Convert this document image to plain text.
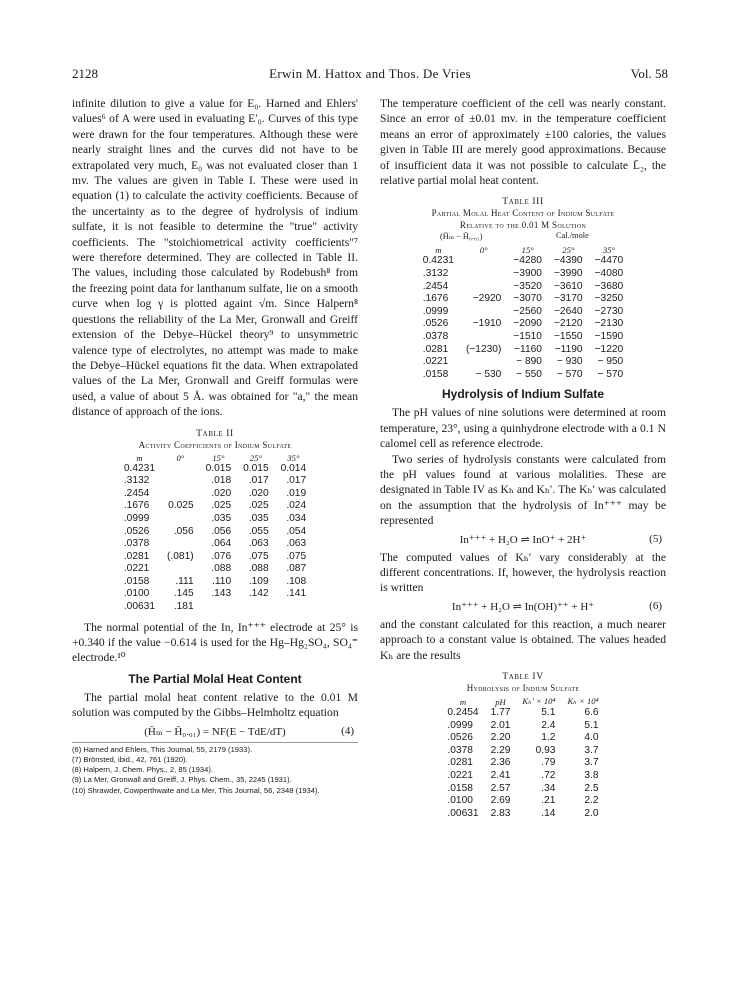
2128	Erwin M. Hattox and Thos. De Vries	Vol. 58

infinite dilution to give a value for E₀. Harned and Ehlers' values⁶ of A were used in evaluating E′₀. Curves of this type were drawn for the four temperatures. Although these were nearly straight lines and the curves did not have to be extrapolated very much, E₀ was not evaluated closer than 1 mv. The values are given in Table I. These were used in equation (1) to calculate the activity coefficients. Because of the uncertainty as to the degree of hydrolysis of indium sulfate, it is not feasible to determine the "true" activity coefficients. The "stoichiometrical activity coefficients"⁷ were therefore determined. They are collected in Table II. The values, including those calculated by Rodebush⁸ from the freezing point data for lanthanum sulfate, lie on a smooth curve when log γ is plotted againt √m. Since Halpern⁸ questions the reliability of the La Mer, Gronwall and Greiff extension of the Debye–Hückel theory⁹ to unsymmetric valence type of electrolytes, no attempt was made to make the Debye–Hückel equations fit the data. When extrapolated values of the La Mer, Gronwall and Greiff formulas were used, a value of about 5 Å. was obtained for "a," the mean distance of approach of the ions.

Table II
Activity Coefficients of Indium Sulfate
m	0°	15°	25°	35°
0.4231		0.015	0.015	0.014
.3132		.018	.017	.017
.2454		.020	.020	.019
.1676	0.025	.025	.025	.024
.0999		.035	.035	.034
.0526	.056	.056	.055	.054
.0378		.064	.063	.063
.0281	(.081)	.076	.075	.075
.0221		.088	.088	.087
.0158	.111	.110	.109	.108
.0100	.145	.143	.142	.141
.00631	.181			

The normal potential of the In, In⁺⁺⁺ electrode at 25° is +0.340 if the value −0.614 is used for the Hg–Hg₂SO₄, SO₄⁼ electrode.¹⁰

The Partial Molal Heat Content

The partial molal heat content relative to the 0.01 M solution was computed by the Gibbs–Helmholtz equation

(H̄ₘ − H̄₀.₀₁) = NF(E − TdE/dT)	(4)
(6) Harned and Ehlers, This Journal, 55, 2179 (1933).
(7) Brönsted, ibid., 42, 761 (1920).
(8) Halpern, J. Chem. Phys., 2, 85 (1934).
(9) La Mer, Gronwall and Greiff, J. Phys. Chem., 35, 2245 (1931).
(10) Shrawder, Cowperthwaite and La Mer, This Journal, 56, 2348 (1934).

The temperature coefficient of the cell was nearly constant. Since an error of ±0.01 mv. in the temperature coefficient means an error of approximately ±100 calories, the values given in Table III are merely good approximations. Because of insufficient data it was not possible to calculate L̄₂, the relative partial molal heat content.

Table III
Partial Molal Heat Content of Indium Sulfate
Relative to the 0.01 M Solution
(H̄ₘ − H̄₀.₀₁)	Cal./mole
m	0°	15°	25°	35°
0.4231		−4280	−4390	−4470
.3132		−3900	−3990	−4080
.2454		−3520	−3610	−3680
.1676	−2920	−3070	−3170	−3250
.0999		−2560	−2640	−2730
.0526	−1910	−2090	−2120	−2130
.0378		−1510	−1550	−1590
.0281	(−1230)	−1160	−1190	−1220
.0221		− 890	− 930	− 950
.0158	− 530	− 550	− 570	− 570
Hydrolysis of Indium Sulfate

The pH values of nine solutions were determined at room temperature, 23°, using a quinhydrone electrode with a 0.1 N calomel cell as reference electrode.

Two series of hydrolysis constants were calculated from the pH values found at various molalities. These are designated in Table IV as Kₕ and Kₕ′. The Kₕ′ was calculated on the assumption that the hydrolysis of In⁺⁺⁺ may be represented

In⁺⁺⁺ + H₂O ⇌ InO⁺ + 2H⁺	(5)

The computed values of Kₕ′ vary considerably at the different concentrations. If, however, the hydrolysis reaction is written

In⁺⁺⁺ + H₂O ⇌ In(OH)⁺⁺ + H⁺	(6)

and the constant calculated for this reaction, a much nearer approach to a constant value is obtained. The values headed Kₕ are the results

Table IV
Hydrolysis of Indium Sulfate
m	pH	Kₕ′ × 10⁴	Kₕ × 10⁴
0.2454	1.77	5.1	6.6
.0999	2.01	2.4	5.1
.0526	2.20	1.2	4.0
.0378	2.29	0.93	3.7
.0281	2.36	.79	3.7
.0221	2.41	.72	3.8
.0158	2.57	.34	2.5
.0100	2.69	.21	2.2
.00631	2.83	.14	2.0
